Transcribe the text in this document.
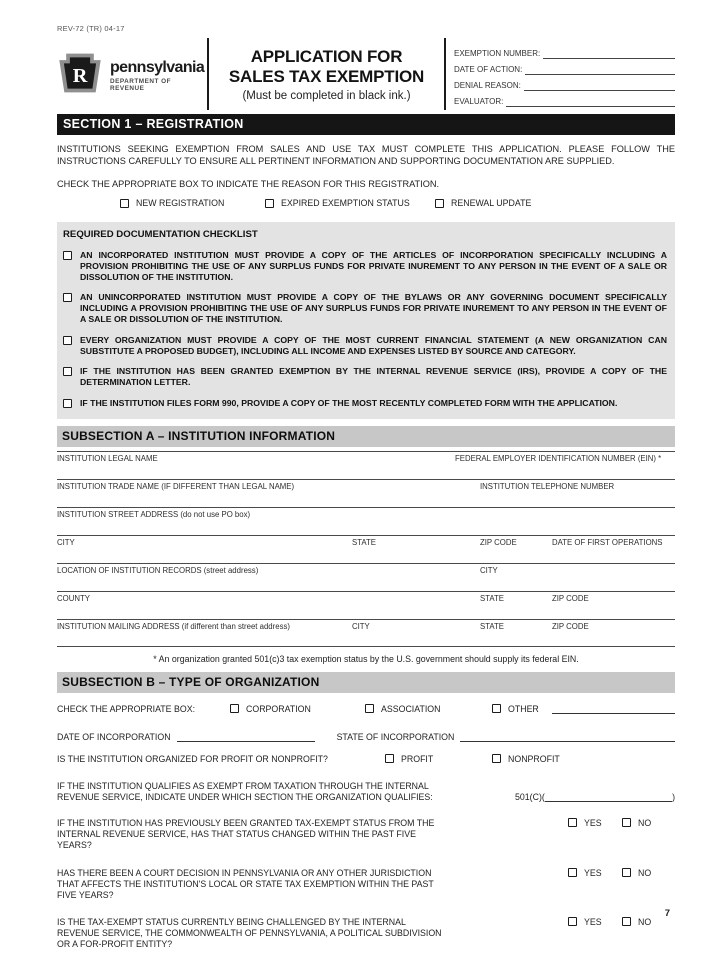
REV-72 (TR) 04-17
R pennsylvania
DEPARTMENT OF REVENUE
APPLICATION FOR
SALES TAX EXEMPTION
(Must be completed in black ink.)
EXEMPTION NUMBER:
DATE OF ACTION:
DENIAL REASON:
EVALUATOR:
SECTION 1 – REGISTRATION
INSTITUTIONS SEEKING EXEMPTION FROM SALES AND USE TAX MUST COMPLETE THIS APPLICATION. PLEASE FOLLOW THE INSTRUCTIONS CAREFULLY TO ENSURE ALL PERTINENT INFORMATION AND SUPPORTING DOCUMENTATION ARE SUPPLIED.
CHECK THE APPROPRIATE BOX TO INDICATE THE REASON FOR THIS REGISTRATION.
NEW REGISTRATION	EXPIRED EXEMPTION STATUS	RENEWAL UPDATE
REQUIRED DOCUMENTATION CHECKLIST
AN INCORPORATED INSTITUTION MUST PROVIDE A COPY OF THE ARTICLES OF INCORPORATION SPECIFICALLY INCLUDING A PROVISION PROHIBITING THE USE OF ANY SURPLUS FUNDS FOR PRIVATE INUREMENT TO ANY PERSON IN THE EVENT OF A SALE OR DISSOLUTION OF THE INSTITUTION.
AN UNINCORPORATED INSTITUTION MUST PROVIDE A COPY OF THE BYLAWS OR ANY GOVERNING DOCUMENT SPECIFICALLY INCLUDING A PROVISION PROHIBITING THE USE OF ANY SURPLUS FUNDS FOR PRIVATE INUREMENT TO ANY PERSON IN THE EVENT OF A SALE OR DISSOLUTION OF THE INSTITUTION.
EVERY ORGANIZATION MUST PROVIDE A COPY OF THE MOST CURRENT FINANCIAL STATEMENT (A NEW ORGANIZATION CAN SUBSTITUTE A PROPOSED BUDGET), INCLUDING ALL INCOME AND EXPENSES LISTED BY SOURCE AND CATEGORY.
IF THE INSTITUTION HAS BEEN GRANTED EXEMPTION BY THE INTERNAL REVENUE SERVICE (IRS), PROVIDE A COPY OF THE DETERMINATION LETTER.
IF THE INSTITUTION FILES FORM 990, PROVIDE A COPY OF THE MOST RECENTLY COMPLETED FORM WITH THE APPLICATION.
SUBSECTION A – INSTITUTION INFORMATION
INSTITUTION LEGAL NAME	FEDERAL EMPLOYER IDENTIFICATION NUMBER (EIN) *
INSTITUTION TRADE NAME (IF DIFFERENT THAN LEGAL NAME)	INSTITUTION TELEPHONE NUMBER
INSTITUTION STREET ADDRESS (do not use PO box)
CITY	STATE	ZIP CODE	DATE OF FIRST OPERATIONS
LOCATION OF INSTITUTION RECORDS (street address)	CITY
COUNTY	STATE	ZIP CODE
INSTITUTION MAILING ADDRESS (if different than street address)	CITY	STATE	ZIP CODE
* An organization granted 501(c)3 tax exemption status by the U.S. government should supply its federal EIN.
SUBSECTION B – TYPE OF ORGANIZATION
CHECK THE APPROPRIATE BOX:	CORPORATION	ASSOCIATION	OTHER
DATE OF INCORPORATION	STATE OF INCORPORATION
IS THE INSTITUTION ORGANIZED FOR PROFIT OR NONPROFIT?	PROFIT	NONPROFIT
IF THE INSTITUTION QUALIFIES AS EXEMPT FROM TAXATION THROUGH THE INTERNAL REVENUE SERVICE, INDICATE UNDER WHICH SECTION THE ORGANIZATION QUALIFIES:	501(C)(	)
IF THE INSTITUTION HAS PREVIOUSLY BEEN GRANTED TAX-EXEMPT STATUS FROM THE INTERNAL REVENUE SERVICE, HAS THAT STATUS CHANGED WITHIN THE PAST FIVE YEARS?
YES	NO
HAS THERE BEEN A COURT DECISION IN PENNSYLVANIA OR ANY OTHER JURISDICTION THAT AFFECTS THE INSTITUTION'S LOCAL OR STATE TAX EXEMPTION WITHIN THE PAST FIVE YEARS?
YES	NO
IS THE TAX-EXEMPT STATUS CURRENTLY BEING CHALLENGED BY THE INTERNAL REVENUE SERVICE, THE COMMONWEALTH OF PENNSYLVANIA, A POLITICAL SUBDIVISION OR A FOR-PROFIT ENTITY?
YES	NO
7
